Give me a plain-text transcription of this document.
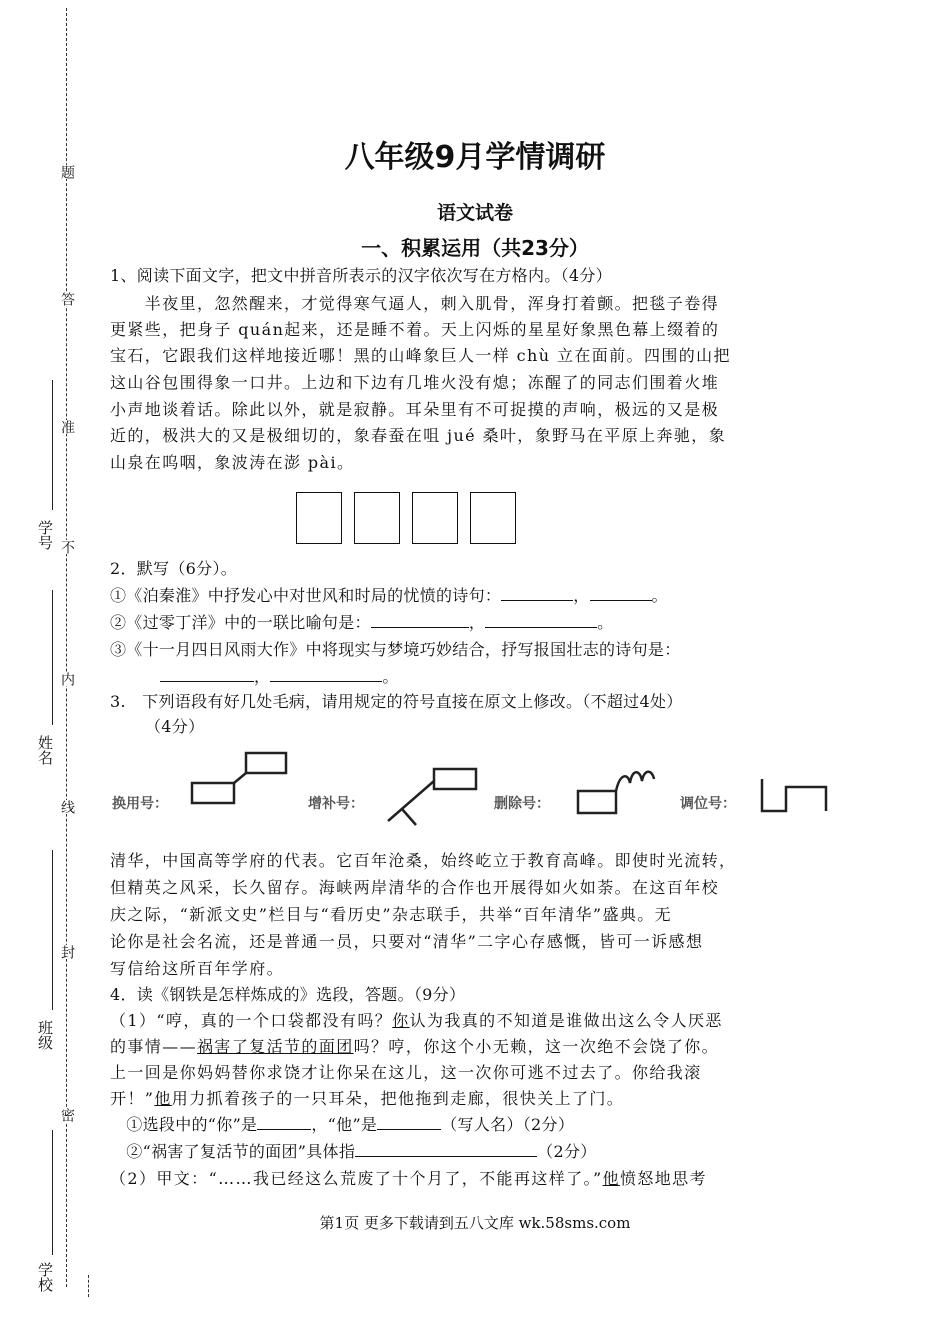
题
答
准
不
内
线
封
密
学号
姓名
班级
学校
八年级9月学情调研
语文试卷
一、积累运用（共23分）
1、阅读下面文字，把文中拼音所表示的汉字依次写在方格内。（4分）
　　半夜里，忽然醒来，才觉得寒气逼人，刺入肌骨，浑身打着颤。把毯子卷得
更紧些，把身子 quán起来，还是睡不着。天上闪烁的星星好象黑色幕上缀着的
宝石，它跟我们这样地接近哪！黑的山峰象巨人一样 chù 立在面前。四围的山把
这山谷包围得象一口井。上边和下边有几堆火没有熄；冻醒了的同志们围着火堆
小声地谈着话。除此以外，就是寂静。耳朵里有不可捉摸的声响，极远的又是极
近的，极洪大的又是极细切的，象春蚕在咀 jué 桑叶，象野马在平原上奔驰，象
山泉在呜咽，象波涛在澎 pài。
2．默写（6分）。
①《泊秦淮》中抒发心中对世风和时局的忧愤的诗句：	，	。
②《过零丁洋》中的一联比喻句是：	，	。
③《十一月四日风雨大作》中将现实与梦境巧妙结合，抒写报国壮志的诗句是：
，	。
3.　下列语段有好几处毛病，请用规定的符号直接在原文上修改。（不超过4处）
（4分）
换用号：	增补号：	删除号：	调位号：
清华，中国高等学府的代表。它百年沧桑，始终屹立于教育高峰。即使时光流转，
但精英之风采，长久留存。海峡两岸清华的合作也开展得如火如荼。在这百年校
庆之际，“新派文史”栏目与“看历史”杂志联手，共举“百年清华”盛典。无
论你是社会名流，还是普通一员，只要对“清华”二字心存感慨，皆可一诉感想
写信给这所百年学府。
4．读《钢铁是怎样炼成的》选段，答题。（9分）
（1）“哼，真的一个口袋都没有吗？你认为我真的不知道是谁做出这么令人厌恶
的事情——祸害了复活节的面团吗？哼，你这个小无赖，这一次绝不会饶了你。
上一回是你妈妈替你求饶才让你呆在这儿，这一次你可逃不过去了。你给我滚
开！”他用力抓着孩子的一只耳朵，把他拖到走廊，很快关上了门。
　①选段中的“你”是	，“他”是	（写人名）（2分）
　②“祸害了复活节的面团”具体指	（2分）
（2）甲文：“……我已经这么荒废了十个月了，不能再这样了。”他愤怒地思考
第1页 更多下载请到五八文库 wk.58sms.com
